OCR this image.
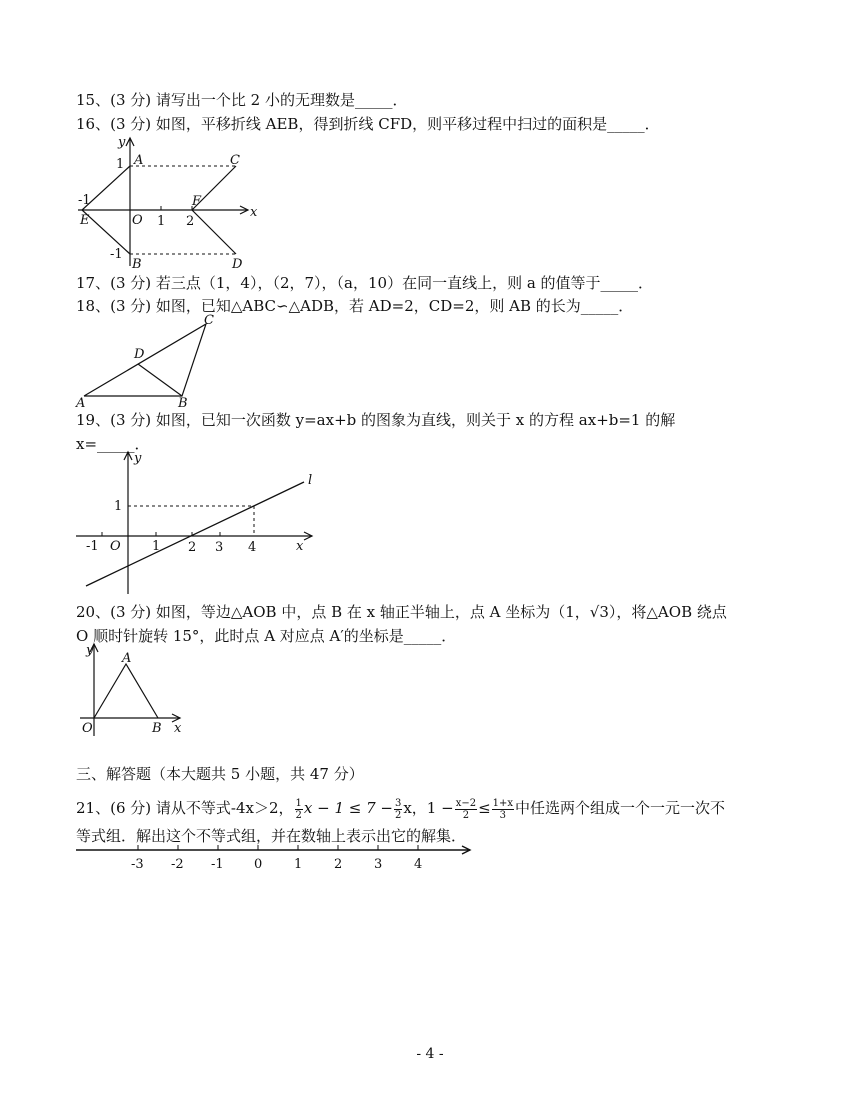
15、(3 分) 请写出一个比 2 小的无理数是_____．
16、(3 分) 如图，平移折线 AEB，得到折线 CFD，则平移过程中扫过的面积是_____．
y
x
1 A	C
-1
E	O 1 2
F
-1
B	D
17、(3 分) 若三点（1，4），（2，7），（a，10）在同一直线上，则 a 的值等于_____．
18、(3 分) 如图，已知△ABC∽△ADB，若 AD=2，CD=2，则 AB 的长为_____．
A	B
C
D
19、(3 分) 如图，已知一次函数 y=ax+b 的图象为直线，则关于 x 的方程 ax+b=1 的解
x=_____．
y
l
1
-1 O 1 2 3 4	x
20、(3 分) 如图，等边△AOB 中，点 B 在 x 轴正半轴上，点 A 坐标为（1，√3），将△AOB 绕点
O 顺时针旋转 15°，此时点 A 对应点 A′的坐标是_____．
y
A
O	B x
三、解答题（本大题共 5 小题，共 47 分）
21、(6 分) 请从不等式-4x＞2， $\frac{1}{2}$ $x - 1 \le 7 - \frac{3}{2}$ x，$1 - \frac{x-2}{2} \le \frac{1+x}{3}$ 中任选两个组成一个一元一次不
等式组．解出这个不等式组，并在数轴上表示出它的解集．
-3 -2 -1 0 1 2 3 4
- 4 -
